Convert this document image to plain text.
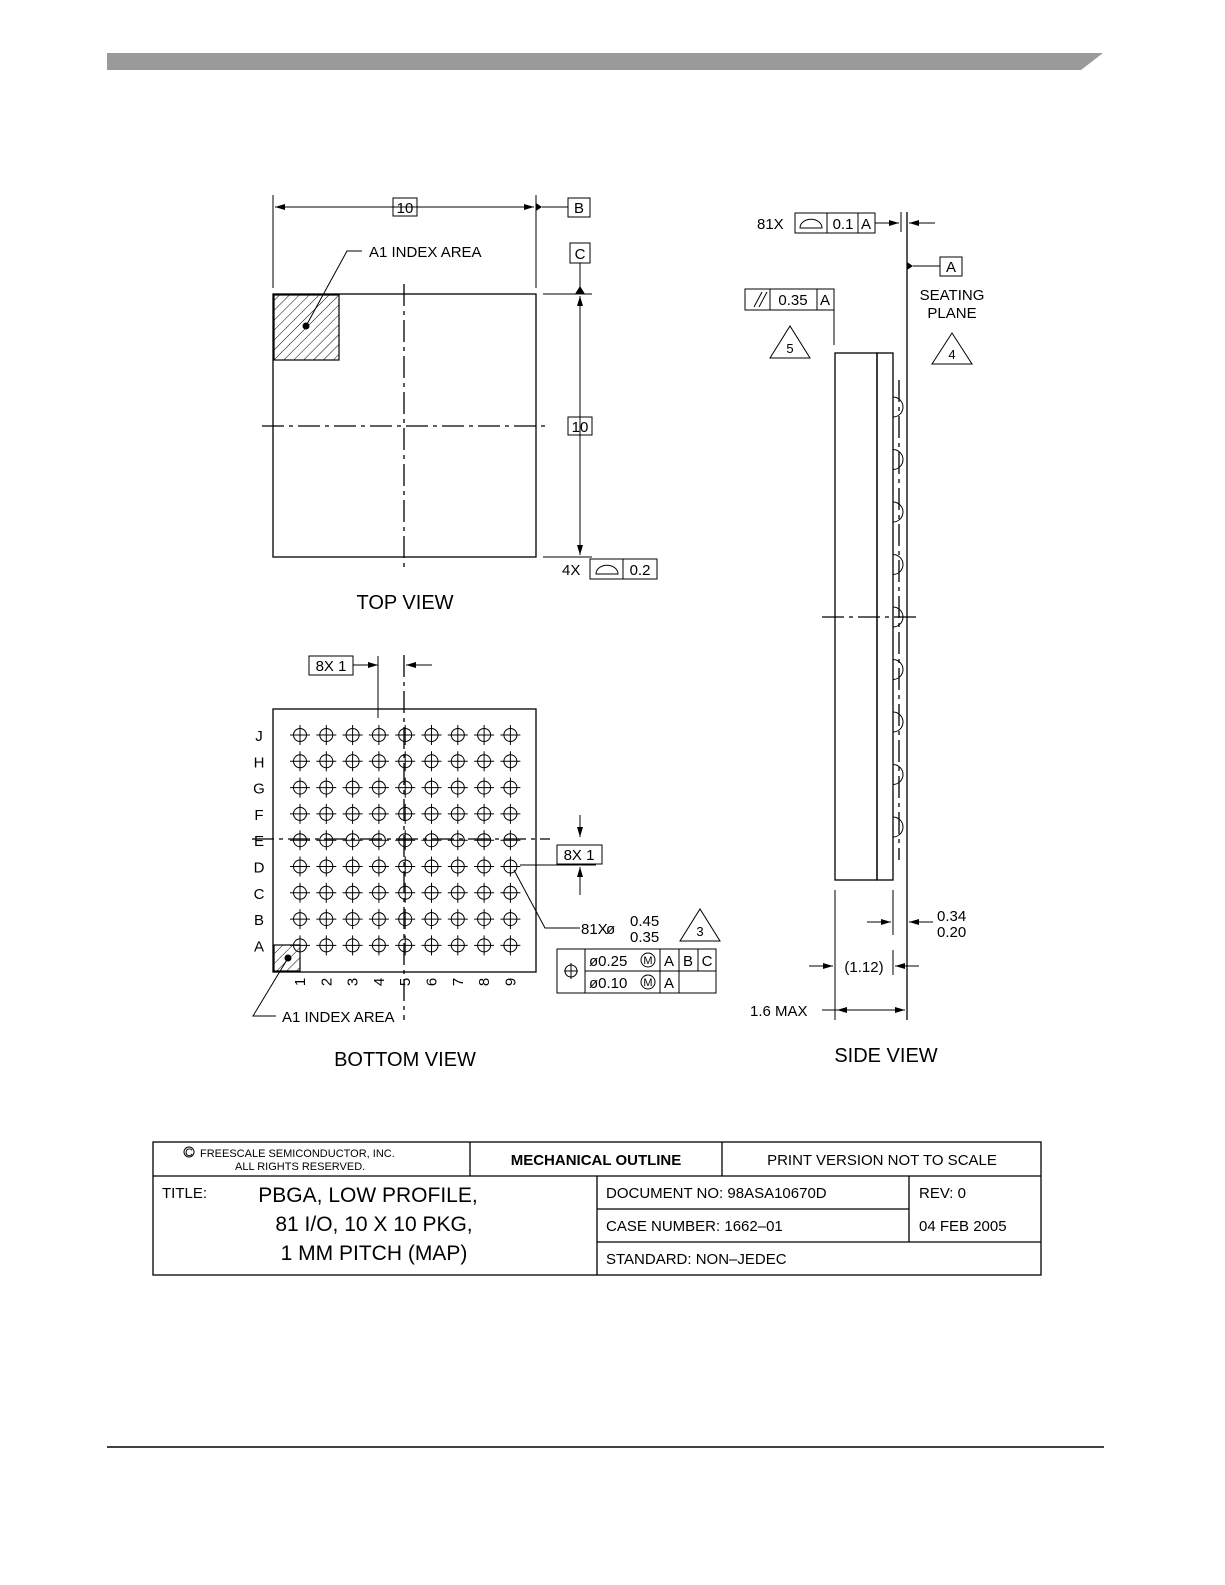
A1 INDEX AREA
10	B
C
10
4X	0.2
TOP VIEW
A1 INDEX AREA
J
H
G
F
E
D
C
B
A
1 2 3 4 5 6 7 8 9
8X 1
8X 1
81X
ø 0.45
0.35	3
ø0.25 M A B C
ø0.10 M A
BOTTOM VIEW
81X	0.1 A
A
SEATING
PLANE
4
0.35 A
5
0.34
0.20
(1.12)
1.6 MAX
SIDE VIEW
C FREESCALE SEMICONDUCTOR, INC.
ALL RIGHTS RESERVED.	MECHANICAL OUTLINE	PRINT VERSION NOT TO SCALE
TITLE: PBGA, LOW PROFILE,
81 I/O, 10 X 10 PKG,
1 MM PITCH (MAP)
DOCUMENT NO: 98ASA10670D	REV: 0
CASE NUMBER: 1662–01	04 FEB 2005
STANDARD: NON–JEDEC
